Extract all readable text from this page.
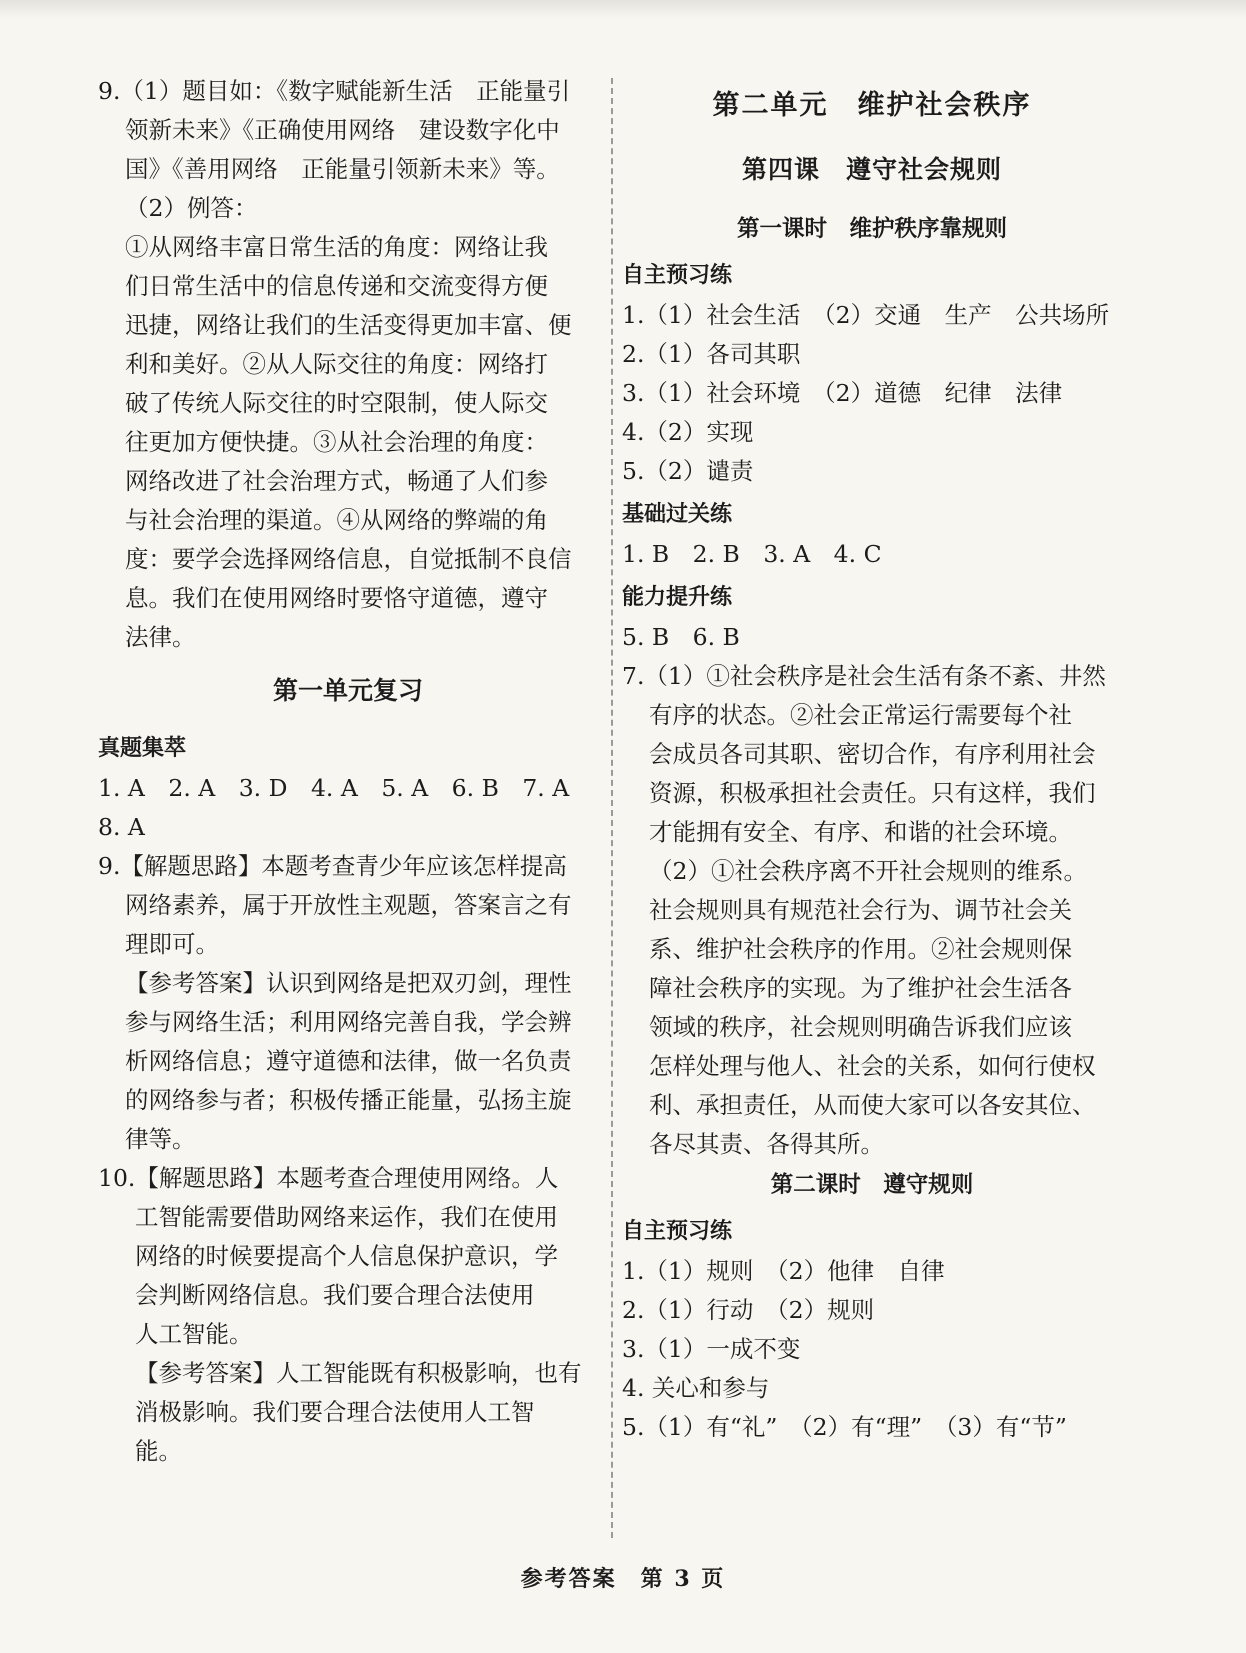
9.（1）题目如：《数字赋能新生活　正能量引
领新未来》《正确使用网络　建设数字化中
国》《善用网络　正能量引领新未来》等。
（2）例答：
①从网络丰富日常生活的角度：网络让我
们日常生活中的信息传递和交流变得方便
迅捷，网络让我们的生活变得更加丰富、便
利和美好。②从人际交往的角度：网络打
破了传统人际交往的时空限制，使人际交
往更加方便快捷。③从社会治理的角度：
网络改进了社会治理方式，畅通了人们参
与社会治理的渠道。④从网络的弊端的角
度：要学会选择网络信息，自觉抵制不良信
息。我们在使用网络时要恪守道德，遵守
法律。
第一单元复习
真题集萃
1. A　2. A　3. D　4. A　5. A　6. B　7. A
8. A
9.【解题思路】本题考查青少年应该怎样提高
网络素养，属于开放性主观题，答案言之有
理即可。
【参考答案】认识到网络是把双刃剑，理性
参与网络生活；利用网络完善自我，学会辨
析网络信息；遵守道德和法律，做一名负责
的网络参与者；积极传播正能量，弘扬主旋
律等。
10.【解题思路】本题考查合理使用网络。人
工智能需要借助网络来运作，我们在使用
网络的时候要提高个人信息保护意识，学
会判断网络信息。我们要合理合法使用
人工智能。
【参考答案】人工智能既有积极影响，也有
消极影响。我们要合理合法使用人工智
能。
第二单元　维护社会秩序
第四课　遵守社会规则
第一课时　维护秩序靠规则
自主预习练
1.（1）社会生活　（2）交通　生产　公共场所
2.（1）各司其职
3.（1）社会环境　（2）道德　纪律　法律
4.（2）实现
5.（2）谴责
基础过关练
1. B　2. B　3. A　4. C
能力提升练
5. B　6. B
7.（1）①社会秩序是社会生活有条不紊、井然
有序的状态。②社会正常运行需要每个社
会成员各司其职、密切合作，有序利用社会
资源，积极承担社会责任。只有这样，我们
才能拥有安全、有序、和谐的社会环境。
（2）①社会秩序离不开社会规则的维系。
社会规则具有规范社会行为、调节社会关
系、维护社会秩序的作用。②社会规则保
障社会秩序的实现。为了维护社会生活各
领域的秩序，社会规则明确告诉我们应该
怎样处理与他人、社会的关系，如何行使权
利、承担责任，从而使大家可以各安其位、
各尽其责、各得其所。
第二课时　遵守规则
自主预习练
1.（1）规则　（2）他律　自律
2.（1）行动　（2）规则
3.（1）一成不变
4. 关心和参与
5.（1）有“礼”　（2）有“理”　（3）有“节”
参考答案　第 3 页
